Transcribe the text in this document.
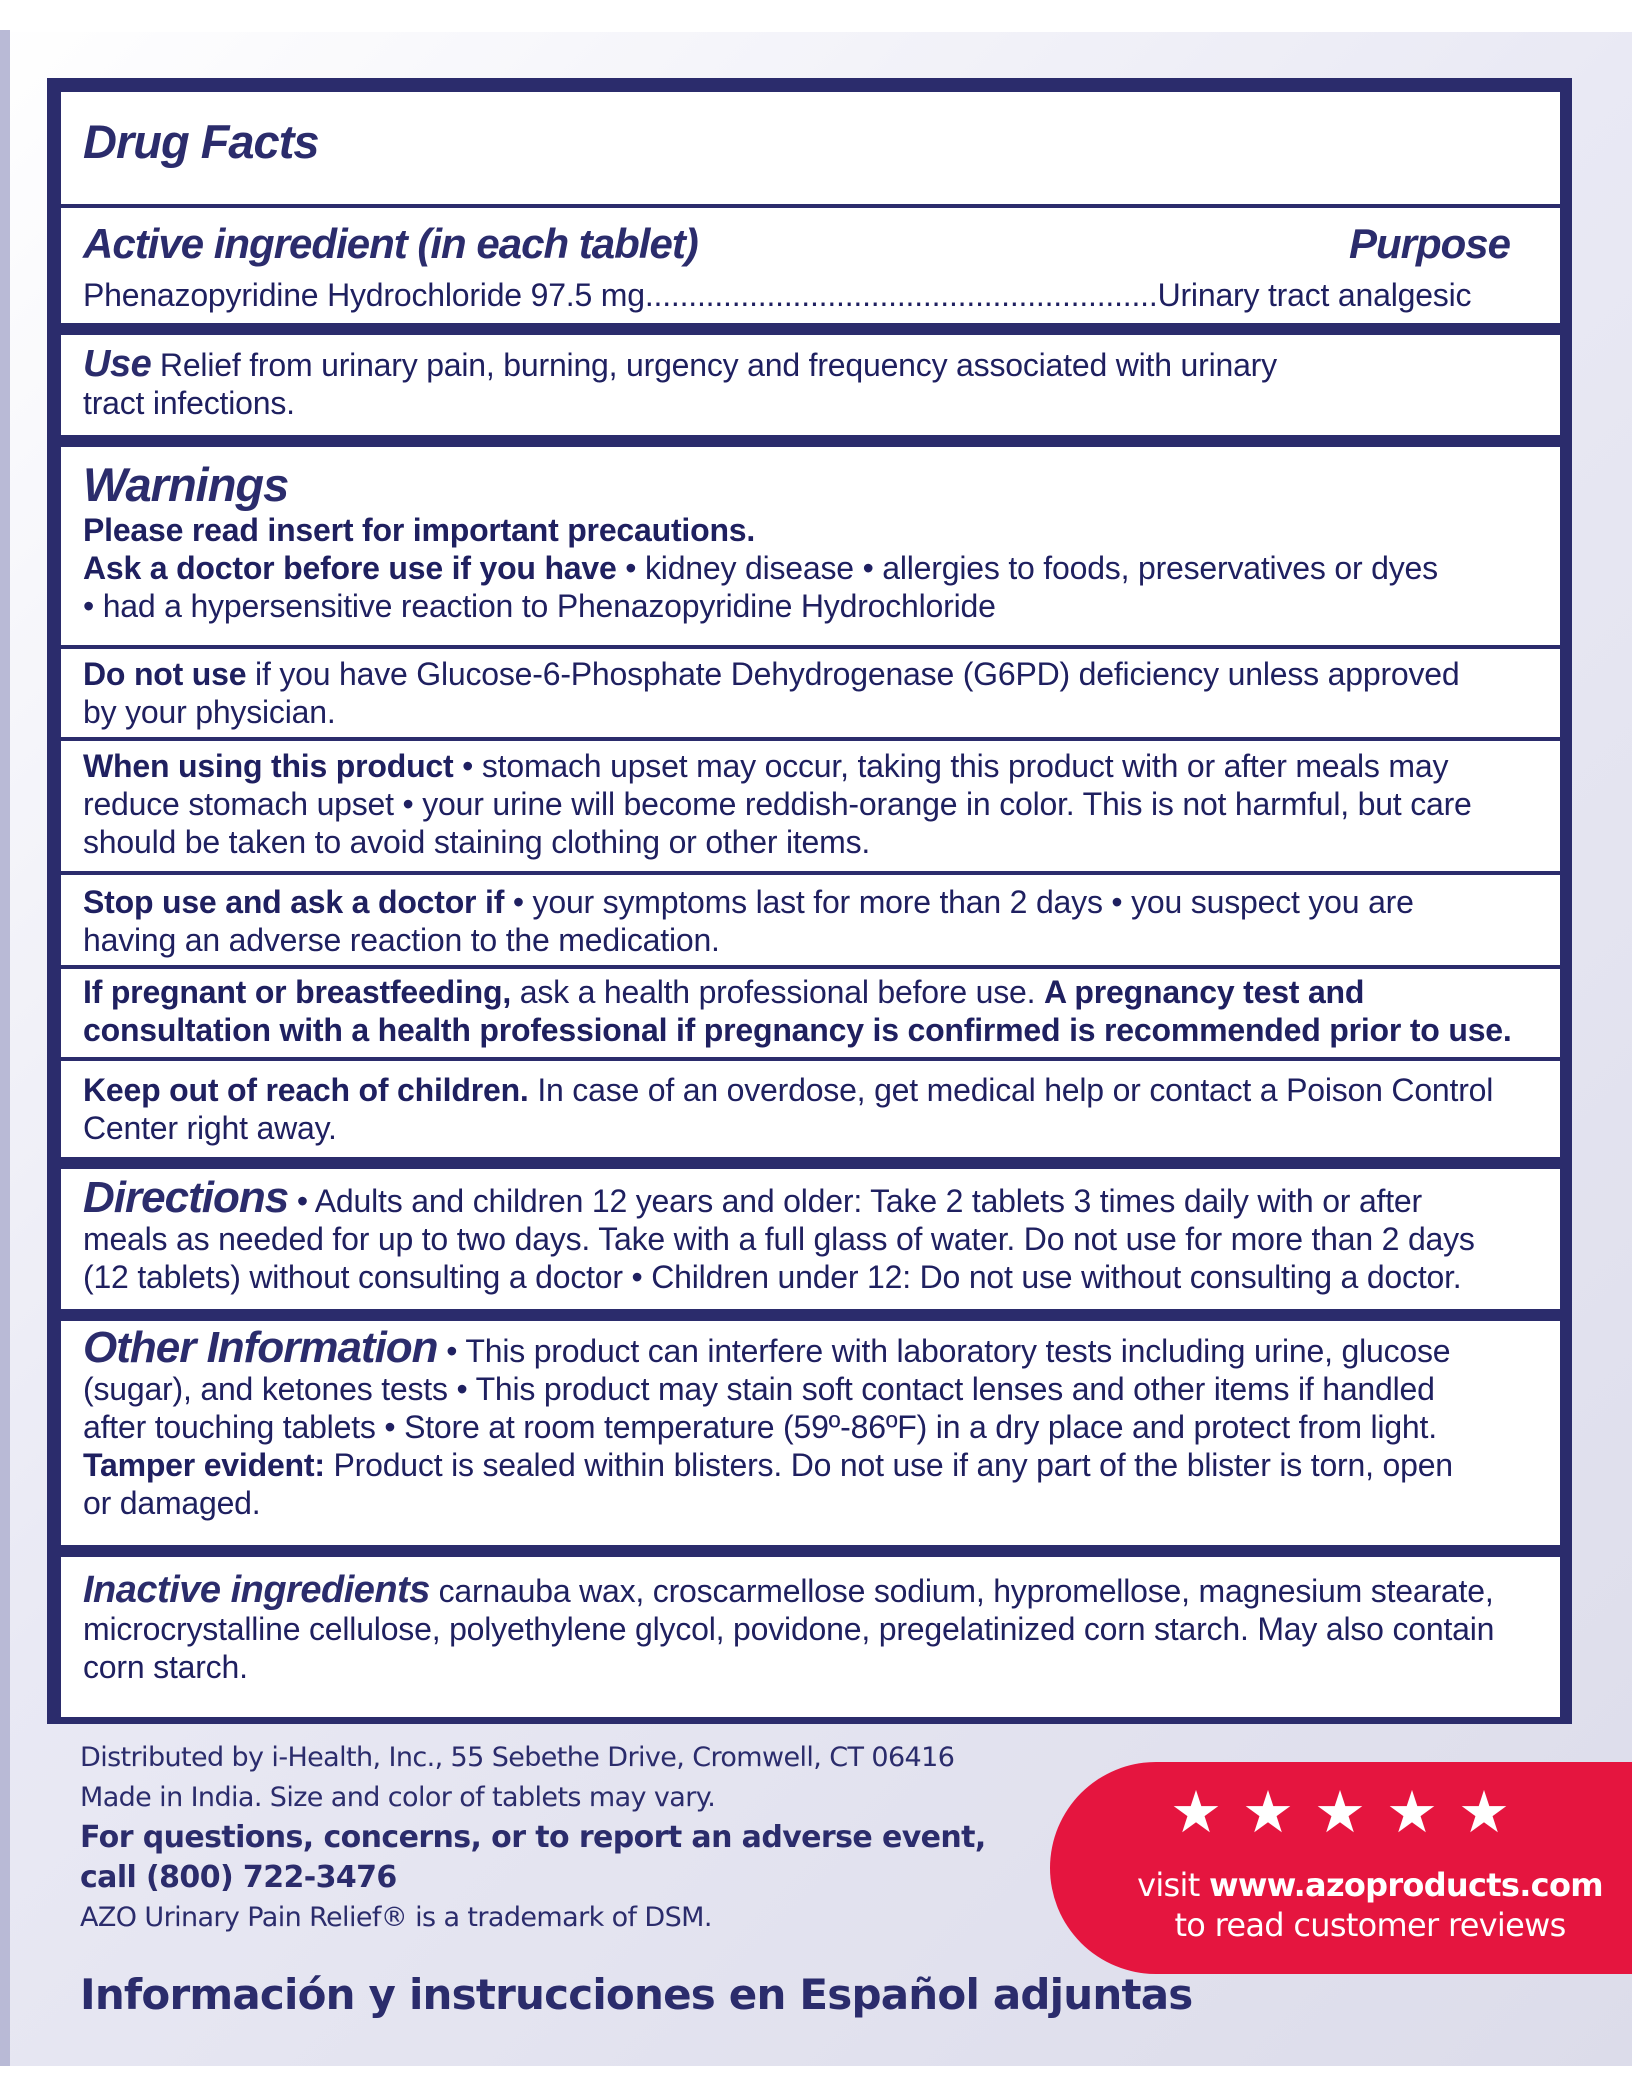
Drug Facts
Active ingredient (in each tablet)	Purpose
Phenazopyridine Hydrochloride 97.5 mg...........................................................Urinary tract analgesic
Use Relief from urinary pain, burning, urgency and frequency associated with urinary
tract infections.
Warnings
Please read insert for important precautions.
Ask a doctor before use if you have • kidney disease • allergies to foods, preservatives or dyes
• had a hypersensitive reaction to Phenazopyridine Hydrochloride
Do not use if you have Glucose-6-Phosphate Dehydrogenase (G6PD) deficiency unless approved
by your physician.
When using this product • stomach upset may occur, taking this product with or after meals may
reduce stomach upset • your urine will become reddish-orange in color. This is not harmful, but care
should be taken to avoid staining clothing or other items.
Stop use and ask a doctor if • your symptoms last for more than 2 days • you suspect you are
having an adverse reaction to the medication.
If pregnant or breastfeeding, ask a health professional before use. A pregnancy test and
consultation with a health professional if pregnancy is confirmed is recommended prior to use.
Keep out of reach of children. In case of an overdose, get medical help or contact a Poison Control
Center right away.
Directions • Adults and children 12 years and older: Take 2 tablets 3 times daily with or after
meals as needed for up to two days. Take with a full glass of water. Do not use for more than 2 days
(12 tablets) without consulting a doctor • Children under 12: Do not use without consulting a doctor.
Other Information • This product can interfere with laboratory tests including urine, glucose
(sugar), and ketones tests • This product may stain soft contact lenses and other items if handled
after touching tablets • Store at room temperature (59º-86ºF) in a dry place and protect from light.
Tamper evident: Product is sealed within blisters. Do not use if any part of the blister is torn, open
or damaged.
Inactive ingredients carnauba wax, croscarmellose sodium, hypromellose, magnesium stearate,
microcrystalline cellulose, polyethylene glycol, povidone, pregelatinized corn starch. May also contain
corn starch.
Distributed by i-Health, Inc., 55 Sebethe Drive, Cromwell, CT 06416
Made in India. Size and color of tablets may vary.
For questions, concerns, or to report an adverse event,
call (800) 722-3476
AZO Urinary Pain Relief® is a trademark of DSM.
Información y instrucciones en Español adjuntas
★★★★★
visit www.azoproducts.com
to read customer reviews
